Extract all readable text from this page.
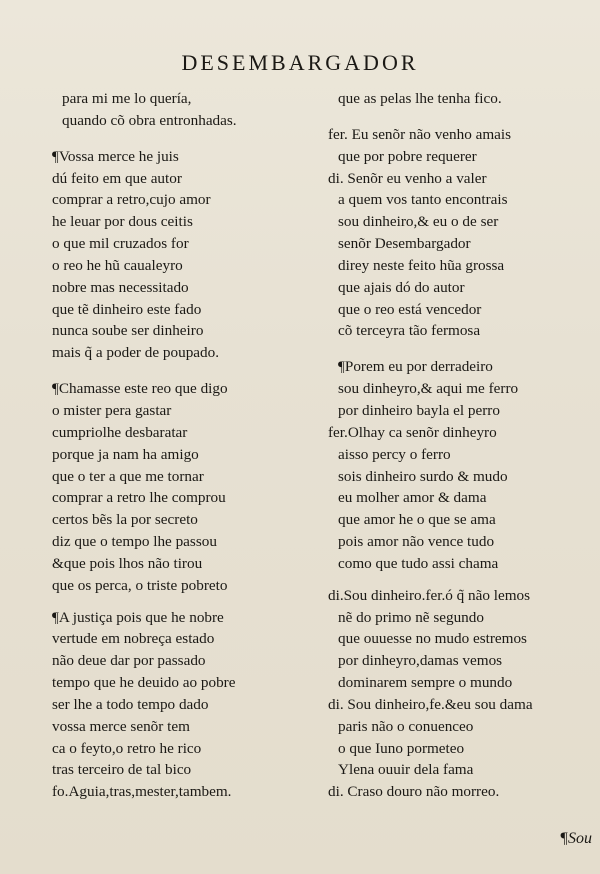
DESEMBARGADOR
para mi me lo quería,
quando cõ obra entronhadas.
¶Vossa merce he juis
dú feito em que autor
comprar a retro,cujo amor
he leuar por dous ceitis
o que mil cruzados for
o reo he hũ caualeyro
nobre mas necessitado
que tẽ dinheiro este fado
nunca soube ser dinheiro
mais q̃ a poder de poupado.
¶Chamasse este reo que digo
o mister pera gastar
cumpriolhe desbaratar
porque ja nam ha amigo
que o ter a que me tornar
comprar a retro lhe comprou
certos bẽs la por secreto
diz que o tempo lhe passou
&que pois lhos não tirou
que os perca, o triste pobreto
¶A justiça pois que he nobre
vertude em nobreça estado
não deue dar por passado
tempo que he deuido ao pobre
ser lhe a todo tempo dado
vossa merce senõr tem
ca o feyto,o retro he rico
tras terceiro de tal bico
fo.Aguia,tras,mester,tambem.
que as pelas lhe tenha fico.
fer. Eu senõr não venho amais
que por pobre requerer
di. Senõr eu venho a valer
a quem vos tanto encontrais
sou dinheiro,& eu o de ser
senõr Desembargador
direy neste feito hũa grossa
que ajais dó do autor
que o reo está vencedor
cõ terceyra tão fermosa
¶Porem eu por derradeiro
sou dinheyro,& aqui me ferro
por dinheiro bayla el perro
fer.Olhay ca senõr dinheyro
aisso percy o ferro
sois dinheiro surdo & mudo
eu molher amor & dama
que amor he o que se ama
pois amor não vence tudo
como que tudo assi chama
di.Sou dinheiro.fer.ó q̃ não lemos
nẽ do primo nẽ segundo
que ouuesse no mudo estremos
por dinheyro,damas vemos
dominarem sempre o mundo
di. Sou dinheiro,fe.&eu sou dama
paris não o conuenceo
o que Iuno pormeteo
Ylena ouuir dela fama
di. Craso douro não morreo.
¶Sou
